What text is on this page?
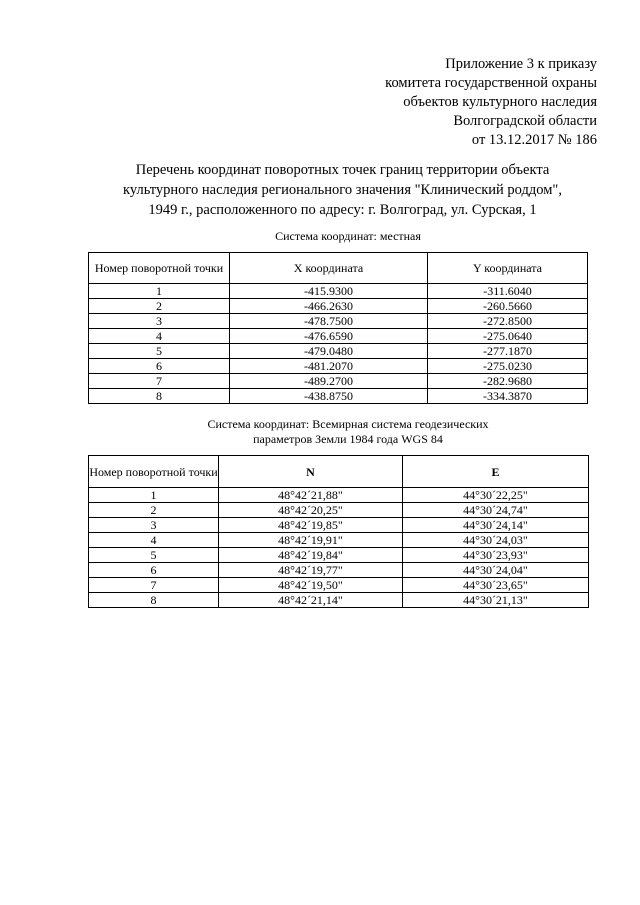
Приложение 3 к приказу
комитета государственной охраны
объектов культурного наследия
Волгоградской области
от 13.12.2017 № 186
Перечень координат поворотных точек границ территории объекта
культурного наследия регионального значения "Клинический роддом",
1949 г., расположенного по адресу: г. Волгоград, ул. Сурская, 1
Система координат: местная
Номер поворотной точки	X координата	Y координата
1	-415.9300	-311.6040
2	-466.2630	-260.5660
3	-478.7500	-272.8500
4	-476.6590	-275.0640
5	-479.0480	-277.1870
6	-481.2070	-275.0230
7	-489.2700	-282.9680
8	-438.8750	-334.3870
Система координат: Всемирная система геодезических
параметров Земли 1984 года WGS 84
Номер поворотной точки	N	E
1	48°42´21,88"	44°30´22,25"
2	48°42´20,25"	44°30´24,74"
3	48°42´19,85"	44°30´24,14"
4	48°42´19,91"	44°30´24,03"
5	48°42´19,84"	44°30´23,93"
6	48°42´19,77"	44°30´24,04"
7	48°42´19,50"	44°30´23,65"
8	48°42´21,14"	44°30´21,13"
